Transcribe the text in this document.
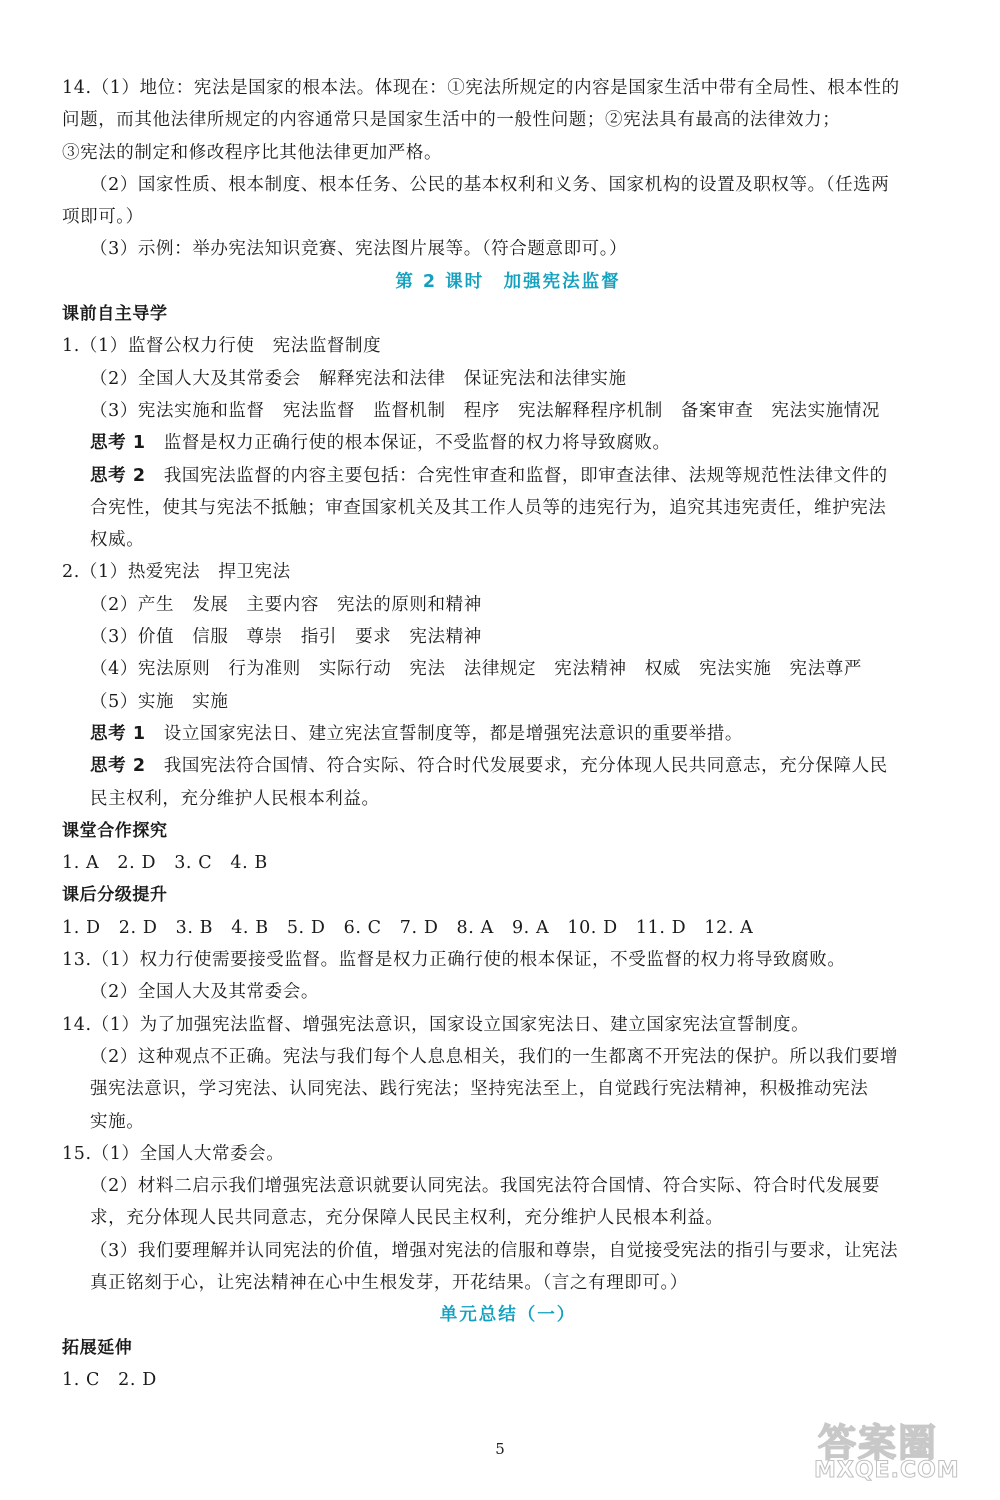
14.（1）地位：宪法是国家的根本法。体现在：①宪法所规定的内容是国家生活中带有全局性、根本性的
问题，而其他法律所规定的内容通常只是国家生活中的一般性问题；②宪法具有最高的法律效力；
③宪法的制定和修改程序比其他法律更加严格。
（2）国家性质、根本制度、根本任务、公民的基本权利和义务、国家机构的设置及职权等。（任选两
项即可。）
（3）示例：举办宪法知识竞赛、宪法图片展等。（符合题意即可。）
第 2 课时　加强宪法监督
课前自主导学
1.（1）监督公权力行使　宪法监督制度
（2）全国人大及其常委会　解释宪法和法律　保证宪法和法律实施
（3）宪法实施和监督　宪法监督　监督机制　程序　宪法解释程序机制　备案审查　宪法实施情况
思考 1　监督是权力正确行使的根本保证，不受监督的权力将导致腐败。
思考 2　我国宪法监督的内容主要包括：合宪性审查和监督，即审查法律、法规等规范性法律文件的
合宪性，使其与宪法不抵触；审查国家机关及其工作人员等的违宪行为，追究其违宪责任，维护宪法
权威。
2.（1）热爱宪法　捍卫宪法
（2）产生　发展　主要内容　宪法的原则和精神
（3）价值　信服　尊崇　指引　要求　宪法精神
（4）宪法原则　行为准则　实际行动　宪法　法律规定　宪法精神　权威　宪法实施　宪法尊严
（5）实施　实施
思考 1　设立国家宪法日、建立宪法宣誓制度等，都是增强宪法意识的重要举措。
思考 2　我国宪法符合国情、符合实际、符合时代发展要求，充分体现人民共同意志，充分保障人民
民主权利，充分维护人民根本利益。
课堂合作探究
1. A　2. D　3. C　4. B
课后分级提升
1. D　2. D　3. B　4. B　5. D　6. C　7. D　8. A　9. A　10. D　11. D　12. A
13.（1）权力行使需要接受监督。监督是权力正确行使的根本保证，不受监督的权力将导致腐败。
（2）全国人大及其常委会。
14.（1）为了加强宪法监督、增强宪法意识，国家设立国家宪法日、建立国家宪法宣誓制度。
（2）这种观点不正确。宪法与我们每个人息息相关，我们的一生都离不开宪法的保护。所以我们要增
强宪法意识，学习宪法、认同宪法、践行宪法；坚持宪法至上，自觉践行宪法精神，积极推动宪法
实施。
15.（1）全国人大常委会。
（2）材料二启示我们增强宪法意识就要认同宪法。我国宪法符合国情、符合实际、符合时代发展要
求，充分体现人民共同意志，充分保障人民民主权利，充分维护人民根本利益。
（3）我们要理解并认同宪法的价值，增强对宪法的信服和尊崇，自觉接受宪法的指引与要求，让宪法
真正铭刻于心，让宪法精神在心中生根发芽，开花结果。（言之有理即可。）
单元总结（一）
拓展延伸
1. C　2. D
5	答案圈
MXQE.COM
